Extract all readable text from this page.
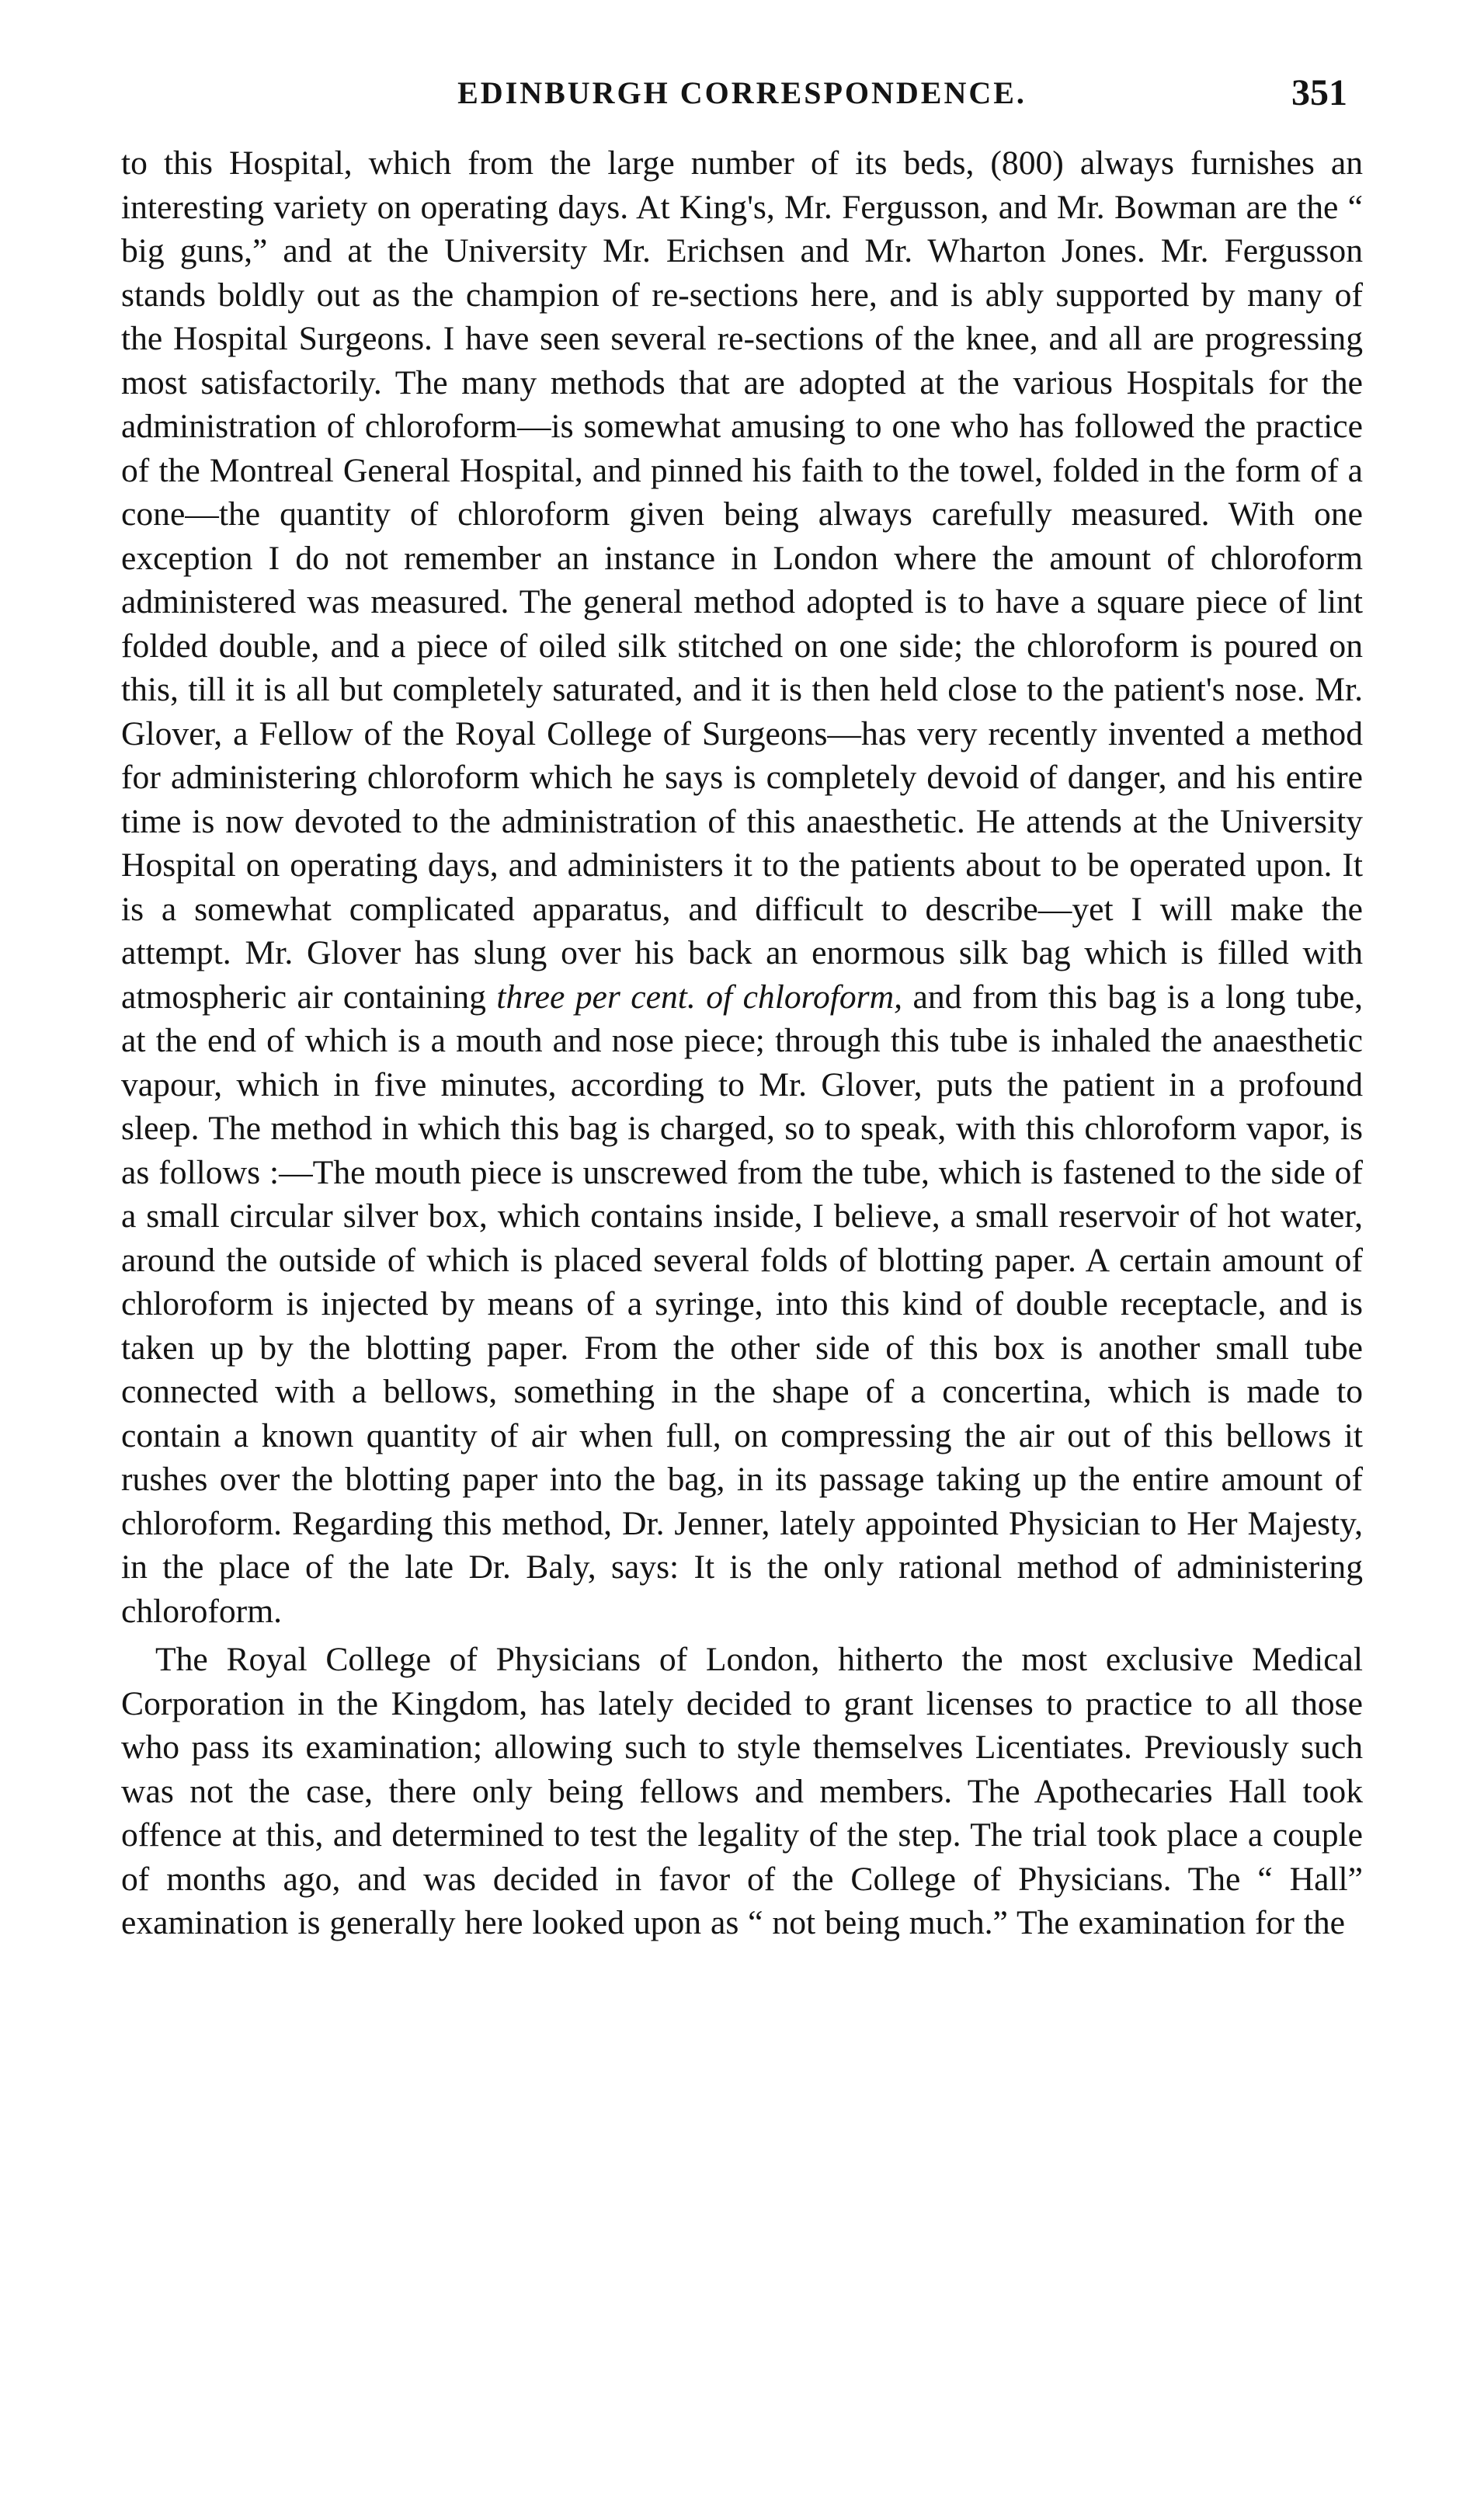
EDINBURGH CORRESPONDENCE.	351

to this Hospital, which from the large number of its beds, (800) always furnishes an interesting variety on operating days. At King's, Mr. Fergusson, and Mr. Bowman are the “ big guns,” and at the University Mr. Erichsen and Mr. Wharton Jones. Mr. Fergusson stands boldly out as the champion of re-sections here, and is ably supported by many of the Hospital Surgeons. I have seen several re-sections of the knee, and all are progressing most satisfactorily. The many methods that are adopted at the various Hospitals for the administration of chloroform—is somewhat amusing to one who has followed the practice of the Montreal General Hospital, and pinned his faith to the towel, folded in the form of a cone—the quantity of chloroform given being always carefully measured. With one exception I do not remember an instance in London where the amount of chloroform administered was measured. The general method adopted is to have a square piece of lint folded double, and a piece of oiled silk stitched on one side; the chloroform is poured on this, till it is all but completely saturated, and it is then held close to the patient's nose. Mr. Glover, a Fellow of the Royal College of Surgeons—has very recently invented a method for administering chloroform which he says is completely devoid of danger, and his entire time is now devoted to the administration of this anaesthetic. He attends at the University Hospital on operating days, and administers it to the patients about to be operated upon. It is a somewhat complicated apparatus, and difficult to describe—yet I will make the attempt. Mr. Glover has slung over his back an enormous silk bag which is filled with atmospheric air containing three per cent. of chloroform, and from this bag is a long tube, at the end of which is a mouth and nose piece; through this tube is inhaled the anaesthetic vapour, which in five minutes, according to Mr. Glover, puts the patient in a profound sleep. The method in which this bag is charged, so to speak, with this chloroform vapor, is as follows :—The mouth piece is unscrewed from the tube, which is fastened to the side of a small circular silver box, which contains inside, I believe, a small reservoir of hot water, around the outside of which is placed several folds of blotting paper. A certain amount of chloroform is injected by means of a syringe, into this kind of double receptacle, and is taken up by the blotting paper. From the other side of this box is another small tube connected with a bellows, something in the shape of a concertina, which is made to contain a known quantity of air when full, on compressing the air out of this bellows it rushes over the blotting paper into the bag, in its passage taking up the entire amount of chloroform. Regarding this method, Dr. Jenner, lately appointed Physician to Her Majesty, in the place of the late Dr. Baly, says: It is the only rational method of administering chloroform.

The Royal College of Physicians of London, hitherto the most exclusive Medical Corporation in the Kingdom, has lately decided to grant licenses to practice to all those who pass its examination; allowing such to style themselves Licentiates. Previously such was not the case, there only being fellows and members. The Apothecaries Hall took offence at this, and determined to test the legality of the step. The trial took place a couple of months ago, and was decided in favor of the College of Physicians. The “ Hall” examination is generally here looked upon as “ not being much.” The examination for the
